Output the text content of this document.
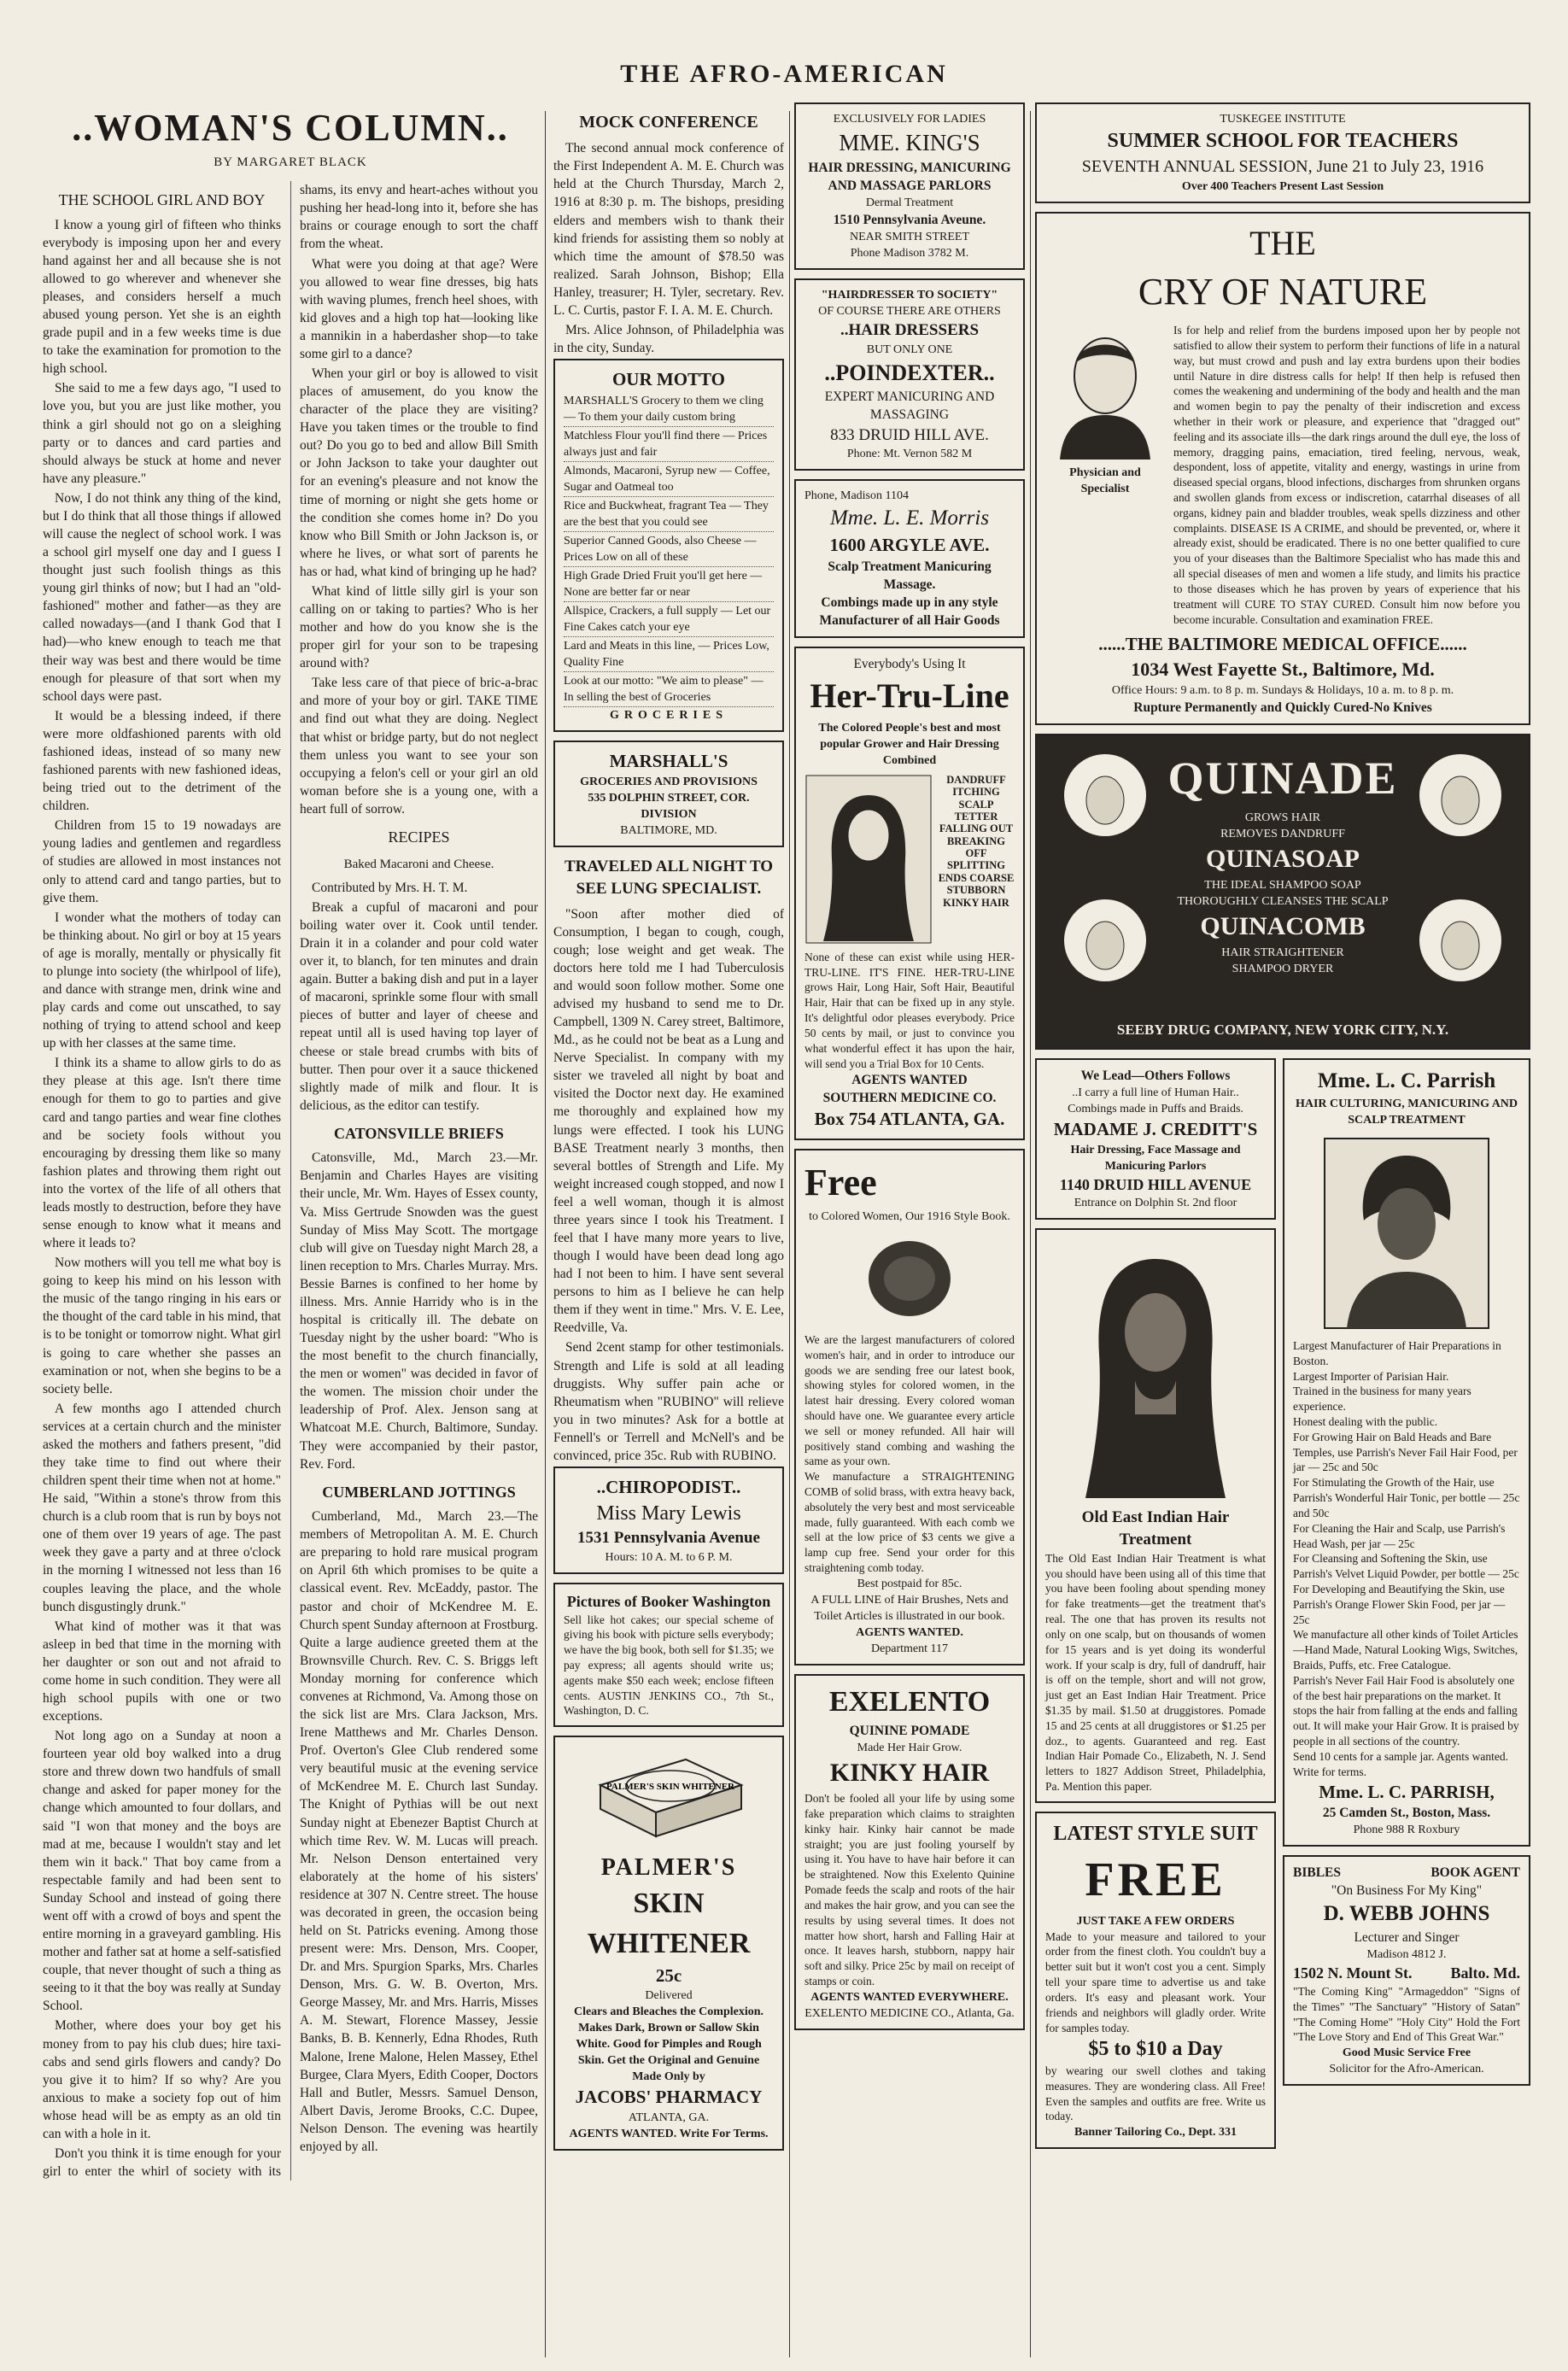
THE AFRO-AMERICAN
..WOMAN'S COLUMN..
BY MARGARET BLACK
THE SCHOOL GIRL AND BOY

I know a young girl of fifteen who thinks everybody is imposing upon her and every hand against her and all because she is not allowed to go wherever and whenever she pleases, and considers herself a much abused young person. Yet she is an eighth grade pupil and in a few weeks time is due to take the examination for promotion to the high school.

She said to me a few days ago, "I used to love you, but you are just like mother, you think a girl should not go on a sleighing party or to dances and card parties and should always be stuck at home and never have any pleasure."

Now, I do not think any thing of the kind, but I do think that all those things if allowed will cause the neglect of school work. I was a school girl myself one day and I guess I thought just such foolish things as this young girl thinks of now; but I had an "old-fashioned" mother and father—as they are called nowadays—(and I thank God that I had)—who knew enough to teach me that their way was best and there would be time enough for pleasure of that sort when my school days were past.

It would be a blessing indeed, if there were more oldfashioned parents with old fashioned ideas, instead of so many new fashioned parents with new fashioned ideas, being tried out to the detriment of the children.

Children from 15 to 19 nowadays are young ladies and gentlemen and regardless of studies are allowed in most instances not only to attend card and tango parties, but to give them.

I wonder what the mothers of today can be thinking about. No girl or boy at 15 years of age is morally, mentally or physically fit to plunge into society (the whirlpool of life), and dance with strange men, drink wine and play cards and come out unscathed, to say nothing of trying to attend school and keep up with her classes at the same time.

I think its a shame to allow girls to do as they please at this age. Isn't there time enough for them to go to parties and give card and tango parties and wear fine clothes and be society fools without you encouraging by dressing them like so many fashion plates and throwing them right out into the vortex of the life of all others that leads mostly to destruction, before they have sense enough to know what it means and where it leads to?

Now mothers will you tell me what boy is going to keep his mind on his lesson with the music of the tango ringing in his ears or the thought of the card table in his mind, that is to be tonight or tomorrow night. What girl is going to care whether she passes an examination or not, when she begins to be a society belle.

A few months ago I attended church services at a certain church and the minister asked the mothers and fathers present, "did they take time to find out where their children spent their time when not at home." He said, "Within a stone's throw from this church is a club room that is run by boys not one of them over 19 years of age. The past week they gave a party and at three o'clock in the morning I witnessed not less than 16 couples leaving the place, and the whole bunch disgustingly drunk."

What kind of mother was it that was asleep in bed that time in the morning with her daughter or son out and not afraid to come home in such condition. They were all high school pupils with one or two exceptions.

Not long ago on a Sunday at noon a fourteen year old boy walked into a drug store and threw down two handfuls of small change and asked for paper money for the change which amounted to four dollars, and said "I won that money and the boys are mad at me, because I wouldn't stay and let them win it back." That boy came from a respectable family and had been sent to Sunday School and instead of going there went off with a crowd of boys and spent the entire morning in a graveyard gambling. His mother and father sat at home a self-satisfied couple, that never thought of such a thing as seeing to it that the boy was really at Sunday School.

Mother, where does your boy get his money from to pay his club dues; hire taxi-cabs and send girls flowers and candy? Do you give it to him? If so why? Are you anxious to make a society fop out of him whose head will be as empty as an old tin can with a hole in it.

Don't you think it is time enough for your girl to enter the whirl of society with its shams, its envy and heart-aches without you pushing her head-long into it, before she has brains or courage enough to sort the chaff from the wheat.

What were you doing at that age? Were you allowed to wear fine dresses, big hats with waving plumes, french heel shoes, with kid gloves and a high top hat—looking like a mannikin in a haberdasher shop—to take some girl to a dance?

When your girl or boy is allowed to visit places of amusement, do you know the character of the place they are visiting? Have you taken times or the trouble to find out? Do you go to bed and allow Bill Smith or John Jackson to take your daughter out for an evening's pleasure and not know the time of morning or night she gets home or the condition she comes home in? Do you know who Bill Smith or John Jackson is, or where he lives, or what sort of parents he has or had, what kind of bringing up he had?

What kind of little silly girl is your son calling on or taking to parties? Who is her mother and how do you know she is the proper girl for your son to be trapesing around with?

Take less care of that piece of bric-a-brac and more of your boy or girl. TAKE TIME and find out what they are doing. Neglect that whist or bridge party, but do not neglect them unless you want to see your son occupying a felon's cell or your girl an old woman before she is a young one, with a heart full of sorrow.

RECIPES
Baked Macaroni and Cheese.

Contributed by Mrs. H. T. M.

Break a cupful of macaroni and pour boiling water over it. Cook until tender. Drain it in a colander and pour cold water over it, to blanch, for ten minutes and drain again. Butter a baking dish and put in a layer of macaroni, sprinkle some flour with small pieces of butter and layer of cheese and repeat until all is used having top layer of cheese or stale bread crumbs with bits of butter. Then pour over it a sauce thickened slightly made of milk and flour. It is delicious, as the editor can testify.

CATONSVILLE BRIEFS

Catonsville, Md., March 23.—Mr. Benjamin and Charles Hayes are visiting their uncle, Mr. Wm. Hayes of Essex county, Va. Miss Gertrude Snowden was the guest Sunday of Miss May Scott. The mortgage club will give on Tuesday night March 28, a linen reception to Mrs. Charles Murray. Mrs. Bessie Barnes is confined to her home by illness. Mrs. Annie Harridy who is in the hospital is critically ill. The debate on Tuesday night by the usher board: "Who is the most benefit to the church financially, the men or women" was decided in favor of the women. The mission choir under the leadership of Prof. Alex. Jenson sang at Whatcoat M.E. Church, Baltimore, Sunday. They were accompanied by their pastor, Rev. Ford.

CUMBERLAND JOTTINGS

Cumberland, Md., March 23.—The members of Metropolitan A. M. E. Church are preparing to hold rare musical program on April 6th which promises to be quite a classical event. Rev. McEaddy, pastor. The pastor and choir of McKendree M. E. Church spent Sunday afternoon at Frostburg. Quite a large audience greeted them at the Brownsville Church. Rev. C. S. Briggs left Monday morning for conference which convenes at Richmond, Va. Among those on the sick list are Mrs. Clara Jackson, Mrs. Irene Matthews and Mr. Charles Denson. Prof. Overton's Glee Club rendered some very beautiful music at the evening service of McKendree M. E. Church last Sunday. The Knight of Pythias will be out next Sunday night at Ebenezer Baptist Church at which time Rev. W. M. Lucas will preach. Mr. Nelson Denson entertained very elaborately at the home of his sisters' residence at 307 N. Centre street. The house was decorated in green, the occasion being held on St. Patricks evening. Among those present were: Mrs. Denson, Mrs. Cooper, Dr. and Mrs. Spurgion Sparks, Mrs. Charles Denson, Mrs. G. W. B. Overton, Mrs. George Massey, Mr. and Mrs. Harris, Misses A. M. Stewart, Florence Massey, Jessie Banks, B. B. Kennerly, Edna Rhodes, Ruth Malone, Irene Malone, Helen Massey, Ethel Burgee, Clara Myers, Edith Cooper, Doctors Hall and Butler, Messrs. Samuel Denson, Albert Davis, Jerome Brooks, C.C. Dupee, Nelson Denson. The evening was heartily enjoyed by all.

MOCK CONFERENCE

The second annual mock conference of the First Independent A. M. E. Church was held at the Church Thursday, March 2, 1916 at 8:30 p. m. The bishops, presiding elders and members wish to thank their kind friends for assisting them so nobly at which time the amount of $78.50 was realized. Sarah Johnson, Bishop; Ella Hanley, treasurer; H. Tyler, secretary. Rev. L. C. Curtis, pastor F. I. A. M. E. Church.

Mrs. Alice Johnson, of Philadelphia was in the city, Sunday.

OUR MOTTO
MARSHALL'S Grocery to them we cling — To them your daily custom bring
Matchless Flour you'll find there — Prices always just and fair
Almonds, Macaroni, Syrup new — Coffee, Sugar and Oatmeal too
Rice and Buckwheat, fragrant Tea — They are the best that you could see
Superior Canned Goods, also Cheese — Prices Low on all of these
High Grade Dried Fruit you'll get here — None are better far or near
Allspice, Crackers, a full supply — Let our Fine Cakes catch your eye
Lard and Meats in this line, — Prices Low, Quality Fine
Look at our motto: "We aim to please" — In selling the best of Groceries
GROCERIES
MARSHALL'S
GROCERIES AND PROVISIONS
535 DOLPHIN STREET, COR. DIVISION
BALTIMORE, MD.
TRAVELED ALL NIGHT TO SEE LUNG SPECIALIST.

"Soon after mother died of Consumption, I began to cough, cough, cough; lose weight and get weak. The doctors here told me I had Tuberculosis and would soon follow mother. Some one advised my husband to send me to Dr. Campbell, 1309 N. Carey street, Baltimore, Md., as he could not be beat as a Lung and Nerve Specialist. In company with my sister we traveled all night by boat and visited the Doctor next day. He examined me thoroughly and explained how my lungs were effected. I took his LUNG BASE Treatment nearly 3 months, then several bottles of Strength and Life. My weight increased cough stopped, and now I feel a well woman, though it is almost three years since I took his Treatment. I feel that I have many more years to live, though I would have been dead long ago had I not been to him. I have sent several persons to him as I believe he can help them if they went in time." Mrs. V. E. Lee, Reedville, Va.

Send 2cent stamp for other testimonials. Strength and Life is sold at all leading druggists. Why suffer pain ache or Rheumatism when "RUBINO" will relieve you in two minutes? Ask for a bottle at Fennell's or Terrell and McNell's and be convinced, price 35c. Rub with RUBINO.

..CHIROPODIST..
Miss Mary Lewis
1531 Pennsylvania Avenue
Hours: 10 A. M. to 6 P. M.
Pictures of Booker Washington
Sell like hot cakes; our special scheme of giving his book with picture sells everybody; we have the big book, both sell for $1.35; we pay express; all agents should write us; agents make $50 each week; enclose fifteen cents. AUSTIN JENKINS CO., 7th St., Washington, D. C.
PALMER'S SKIN WHITENER
PALMER'S
SKIN WHITENER
25c
Delivered
Clears and Bleaches the Complexion. Makes Dark, Brown or Sallow Skin White. Good for Pimples and Rough Skin. Get the Original and Genuine Made Only by
JACOBS' PHARMACY
ATLANTA, GA.
AGENTS WANTED. Write For Terms.
EXCLUSIVELY FOR LADIES
MME. KING'S
HAIR DRESSING, MANICURING AND MASSAGE PARLORS
Dermal Treatment
1510 Pennsylvania Aveune.
NEAR SMITH STREET
Phone Madison 3782 M.
"HAIRDRESSER TO SOCIETY"
OF COURSE THERE ARE OTHERS
..HAIR DRESSERS
BUT ONLY ONE
..POINDEXTER..
EXPERT MANICURING AND MASSAGING
833 DRUID HILL AVE.
Phone: Mt. Vernon 582 M
Phone, Madison 1104
Mme. L. E. Morris
1600 ARGYLE AVE.
Scalp Treatment Manicuring
Massage.
Combings made up in any style
Manufacturer of all Hair Goods
Everybody's Using It
Her-Tru-Line
The Colored People's best and most popular Grower and Hair Dressing Combined
DANDRUFF ITCHING SCALP TETTER FALLING OUT BREAKING OFF SPLITTING ENDS COARSE STUBBORN KINKY HAIR
None of these can exist while using HER-TRU-LINE. IT'S FINE. HER-TRU-LINE grows Hair, Long Hair, Soft Hair, Beautiful Hair, Hair that can be fixed up in any style. It's delightful odor pleases everybody. Price 50 cents by mail, or just to convince you what wonderful effect it has upon the hair, will send you a Trial Box for 10 Cents.
AGENTS WANTED
SOUTHERN MEDICINE CO.
Box 754 ATLANTA, GA.
Free
to Colored Women, Our 1916 Style Book.
We are the largest manufacturers of colored women's hair, and in order to introduce our goods we are sending free our latest book, showing styles for colored women, in the latest hair dressing. Every colored woman should have one. We guarantee every article we sell or money refunded. All hair will positively stand combing and washing the same as your own.
We manufacture a STRAIGHTENING COMB of solid brass, with extra heavy back, absolutely the very best and most serviceable made, fully guaranteed. With each comb we sell at the low price of $3 cents we give a lamp cup free. Send your order for this straightening comb today.
Best postpaid for 85c.
A FULL LINE of Hair Brushes, Nets and Toilet Articles is illustrated in our book.
AGENTS WANTED.
Department 117
EXELENTO
QUININE POMADE
Made Her Hair Grow.
KINKY HAIR
Don't be fooled all your life by using some fake preparation which claims to straighten kinky hair. Kinky hair cannot be made straight; you are just fooling yourself by using it. You have to have hair before it can be straightened. Now this Exelento Quinine Pomade feeds the scalp and roots of the hair and makes the hair grow, and you can see the results by using several times. It does not matter how short, harsh and Falling Hair at once. It leaves harsh, stubborn, nappy hair soft and silky. Price 25c by mail on receipt of stamps or coin.
AGENTS WANTED EVERYWHERE.
EXELENTO MEDICINE CO., Atlanta, Ga.
TUSKEGEE INSTITUTE
SUMMER SCHOOL FOR TEACHERS
SEVENTH ANNUAL SESSION, June 21 to July 23, 1916
Over 400 Teachers Present Last Session
THE
CRY OF NATURE
Physician and Specialist
Is for help and relief from the burdens imposed upon her by people not satisfied to allow their system to perform their functions of life in a natural way, but must crowd and push and lay extra burdens upon their bodies until Nature in dire distress calls for help! If then help is refused then comes the weakening and undermining of the body and health and the man and women begin to pay the penalty of their indiscretion and excess whether in their work or pleasure, and experience that "dragged out" feeling and its associate ills—the dark rings around the dull eye, the loss of memory, dragging pains, emaciation, tired feeling, nervous, weak, despondent, loss of appetite, vitality and energy, wastings in urine from diseased special organs, blood infections, discharges from shrunken organs and swollen glands from excess or indiscretion, catarrhal diseases of all organs, kidney pain and bladder troubles, weak spells dizziness and other complaints. DISEASE IS A CRIME, and should be prevented, or, where it already exist, should be eradicated. There is no one better qualified to cure you of your diseases than the Baltimore Specialist who has made this and all special diseases of men and women a life study, and limits his practice to those diseases which he has proven by years of experience that his treatment will CURE TO STAY CURED. Consult him now before you become incurable. Consultation and examination FREE.
......THE BALTIMORE MEDICAL OFFICE......
1034 West Fayette St., Baltimore, Md.
Office Hours: 9 a.m. to 8 p. m. Sundays & Holidays, 10 a. m. to 8 p. m.
Rupture Permanently and Quickly Cured-No Knives
QUINADE
GROWS HAIR
REMOVES DANDRUFF
QUINASOAP
THE IDEAL SHAMPOO SOAP
THOROUGHLY CLEANSES THE SCALP
QUINACOMB
HAIR STRAIGHTENER
SHAMPOO DRYER
SEEBY DRUG COMPANY, NEW YORK CITY, N.Y.
We Lead—Others Follows
..I carry a full line of Human Hair..
Combings made in Puffs and Braids.
MADAME J. CREDITT'S
Hair Dressing, Face Massage and Manicuring Parlors
1140 DRUID HILL AVENUE
Entrance on Dolphin St. 2nd floor
Old East Indian Hair Treatment
The Old East Indian Hair Treatment is what you should have been using all of this time that you have been fooling about spending money for fake treatments—get the treatment that's real. The one that has proven its results not only on one scalp, but on thousands of women for 15 years and is yet doing its wonderful work. If your scalp is dry, full of dandruff, hair is off on the temple, short and will not grow, just get an East Indian Hair Treatment. Price $1.35 by mail. $1.50 at druggistores. Pomade 15 and 25 cents at all druggistores or $1.25 per doz., to agents. Guaranteed and reg. East Indian Hair Pomade Co., Elizabeth, N. J. Send letters to 1827 Addison Street, Philadelphia, Pa. Mention this paper.
LATEST STYLE SUIT
FREE
JUST TAKE A FEW ORDERS
Made to your measure and tailored to your order from the finest cloth. You couldn't buy a better suit but it won't cost you a cent. Simply tell your spare time to advertise us and take orders. It's easy and pleasant work. Your friends and neighbors will gladly order. Write for samples today.
$5 to $10 a Day
by wearing our swell clothes and taking measures. They are wondering class. All Free! Even the samples and outfits are free. Write us today.
Banner Tailoring Co., Dept. 331
Mme. L. C. Parrish
HAIR CULTURING, MANICURING AND SCALP TREATMENT
Largest Manufacturer of Hair Preparations in Boston.
Largest Importer of Parisian Hair.
Trained in the business for many years experience.
Honest dealing with the public.
For Growing Hair on Bald Heads and Bare Temples, use Parrish's Never Fail Hair Food, per jar — 25c and 50c
For Stimulating the Growth of the Hair, use Parrish's Wonderful Hair Tonic, per bottle — 25c and 50c
For Cleaning the Hair and Scalp, use Parrish's Head Wash, per jar — 25c
For Cleansing and Softening the Skin, use Parrish's Velvet Liquid Powder, per bottle — 25c
For Developing and Beautifying the Skin, use Parrish's Orange Flower Skin Food, per jar — 25c
We manufacture all other kinds of Toilet Articles—Hand Made, Natural Looking Wigs, Switches, Braids, Puffs, etc. Free Catalogue.
Parrish's Never Fail Hair Food is absolutely one of the best hair preparations on the market. It stops the hair from falling at the ends and falling out. It will make your Hair Grow. It is praised by people in all sections of the country.
Send 10 cents for a sample jar. Agents wanted. Write for terms.
Mme. L. C. PARRISH,
25 Camden St., Boston, Mass.
Phone 988 R Roxbury
BIBLES	BOOK AGENT
"On Business For My King"
D. WEBB JOHNS
Lecturer and Singer
Madison 4812 J.
1502 N. Mount St. Balto. Md.
"The Coming King" "Armageddon" "Signs of the Times" "The Sanctuary" "History of Satan" "The Coming Home" "Holy City" Hold the Fort "The Love Story and End of This Great War."
Good Music Service Free
Solicitor for the Afro-American.
